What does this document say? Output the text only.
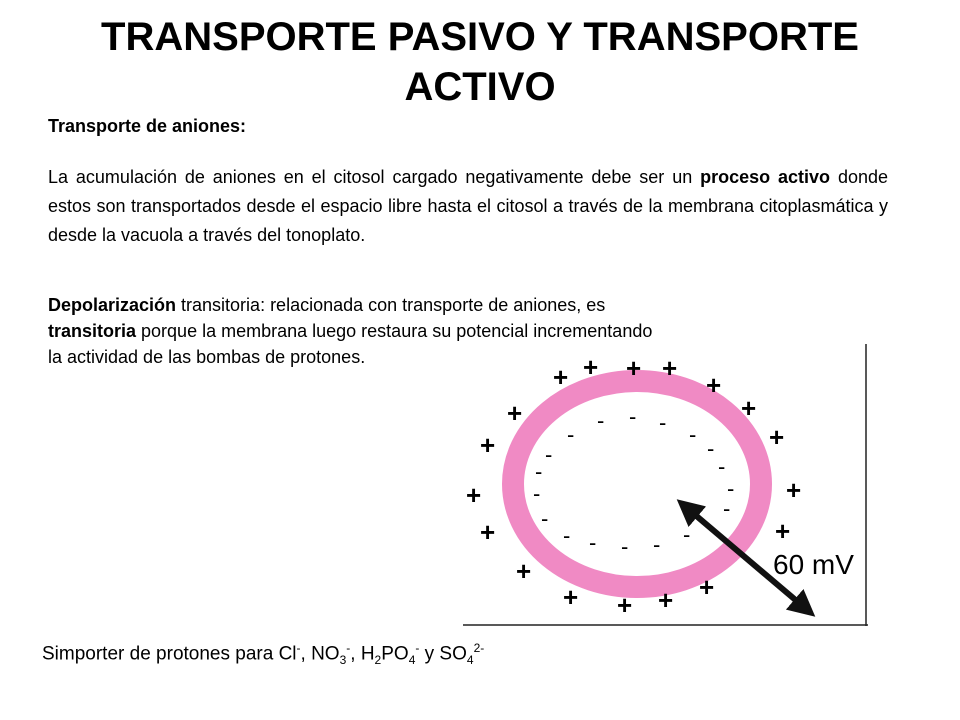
TRANSPORTE PASIVO Y TRANSPORTE ACTIVO
Transporte de aniones:

La acumulación de aniones en el citosol cargado negativamente debe ser un proceso activo donde estos son transportados desde el espacio libre hasta el citosol a través de la membrana citoplasmática y desde la vacuola a través del tonoplato.

Depolarización transitoria: relacionada con transporte de aniones, es
transitoria porque la membrana luego restaura su potencial incrementando
la actividad de las bombas de protones.

+ + + +
+
+
+
+
+
+
+
+
+
+
+ + + +
-
- - - -
-
-
-
-
-
-
-
-
- - - - -
60 mV
Simporter de protones para Cl-, $NO_3^-$, $H_2PO_4^-$ y $SO_4^{2-}$
